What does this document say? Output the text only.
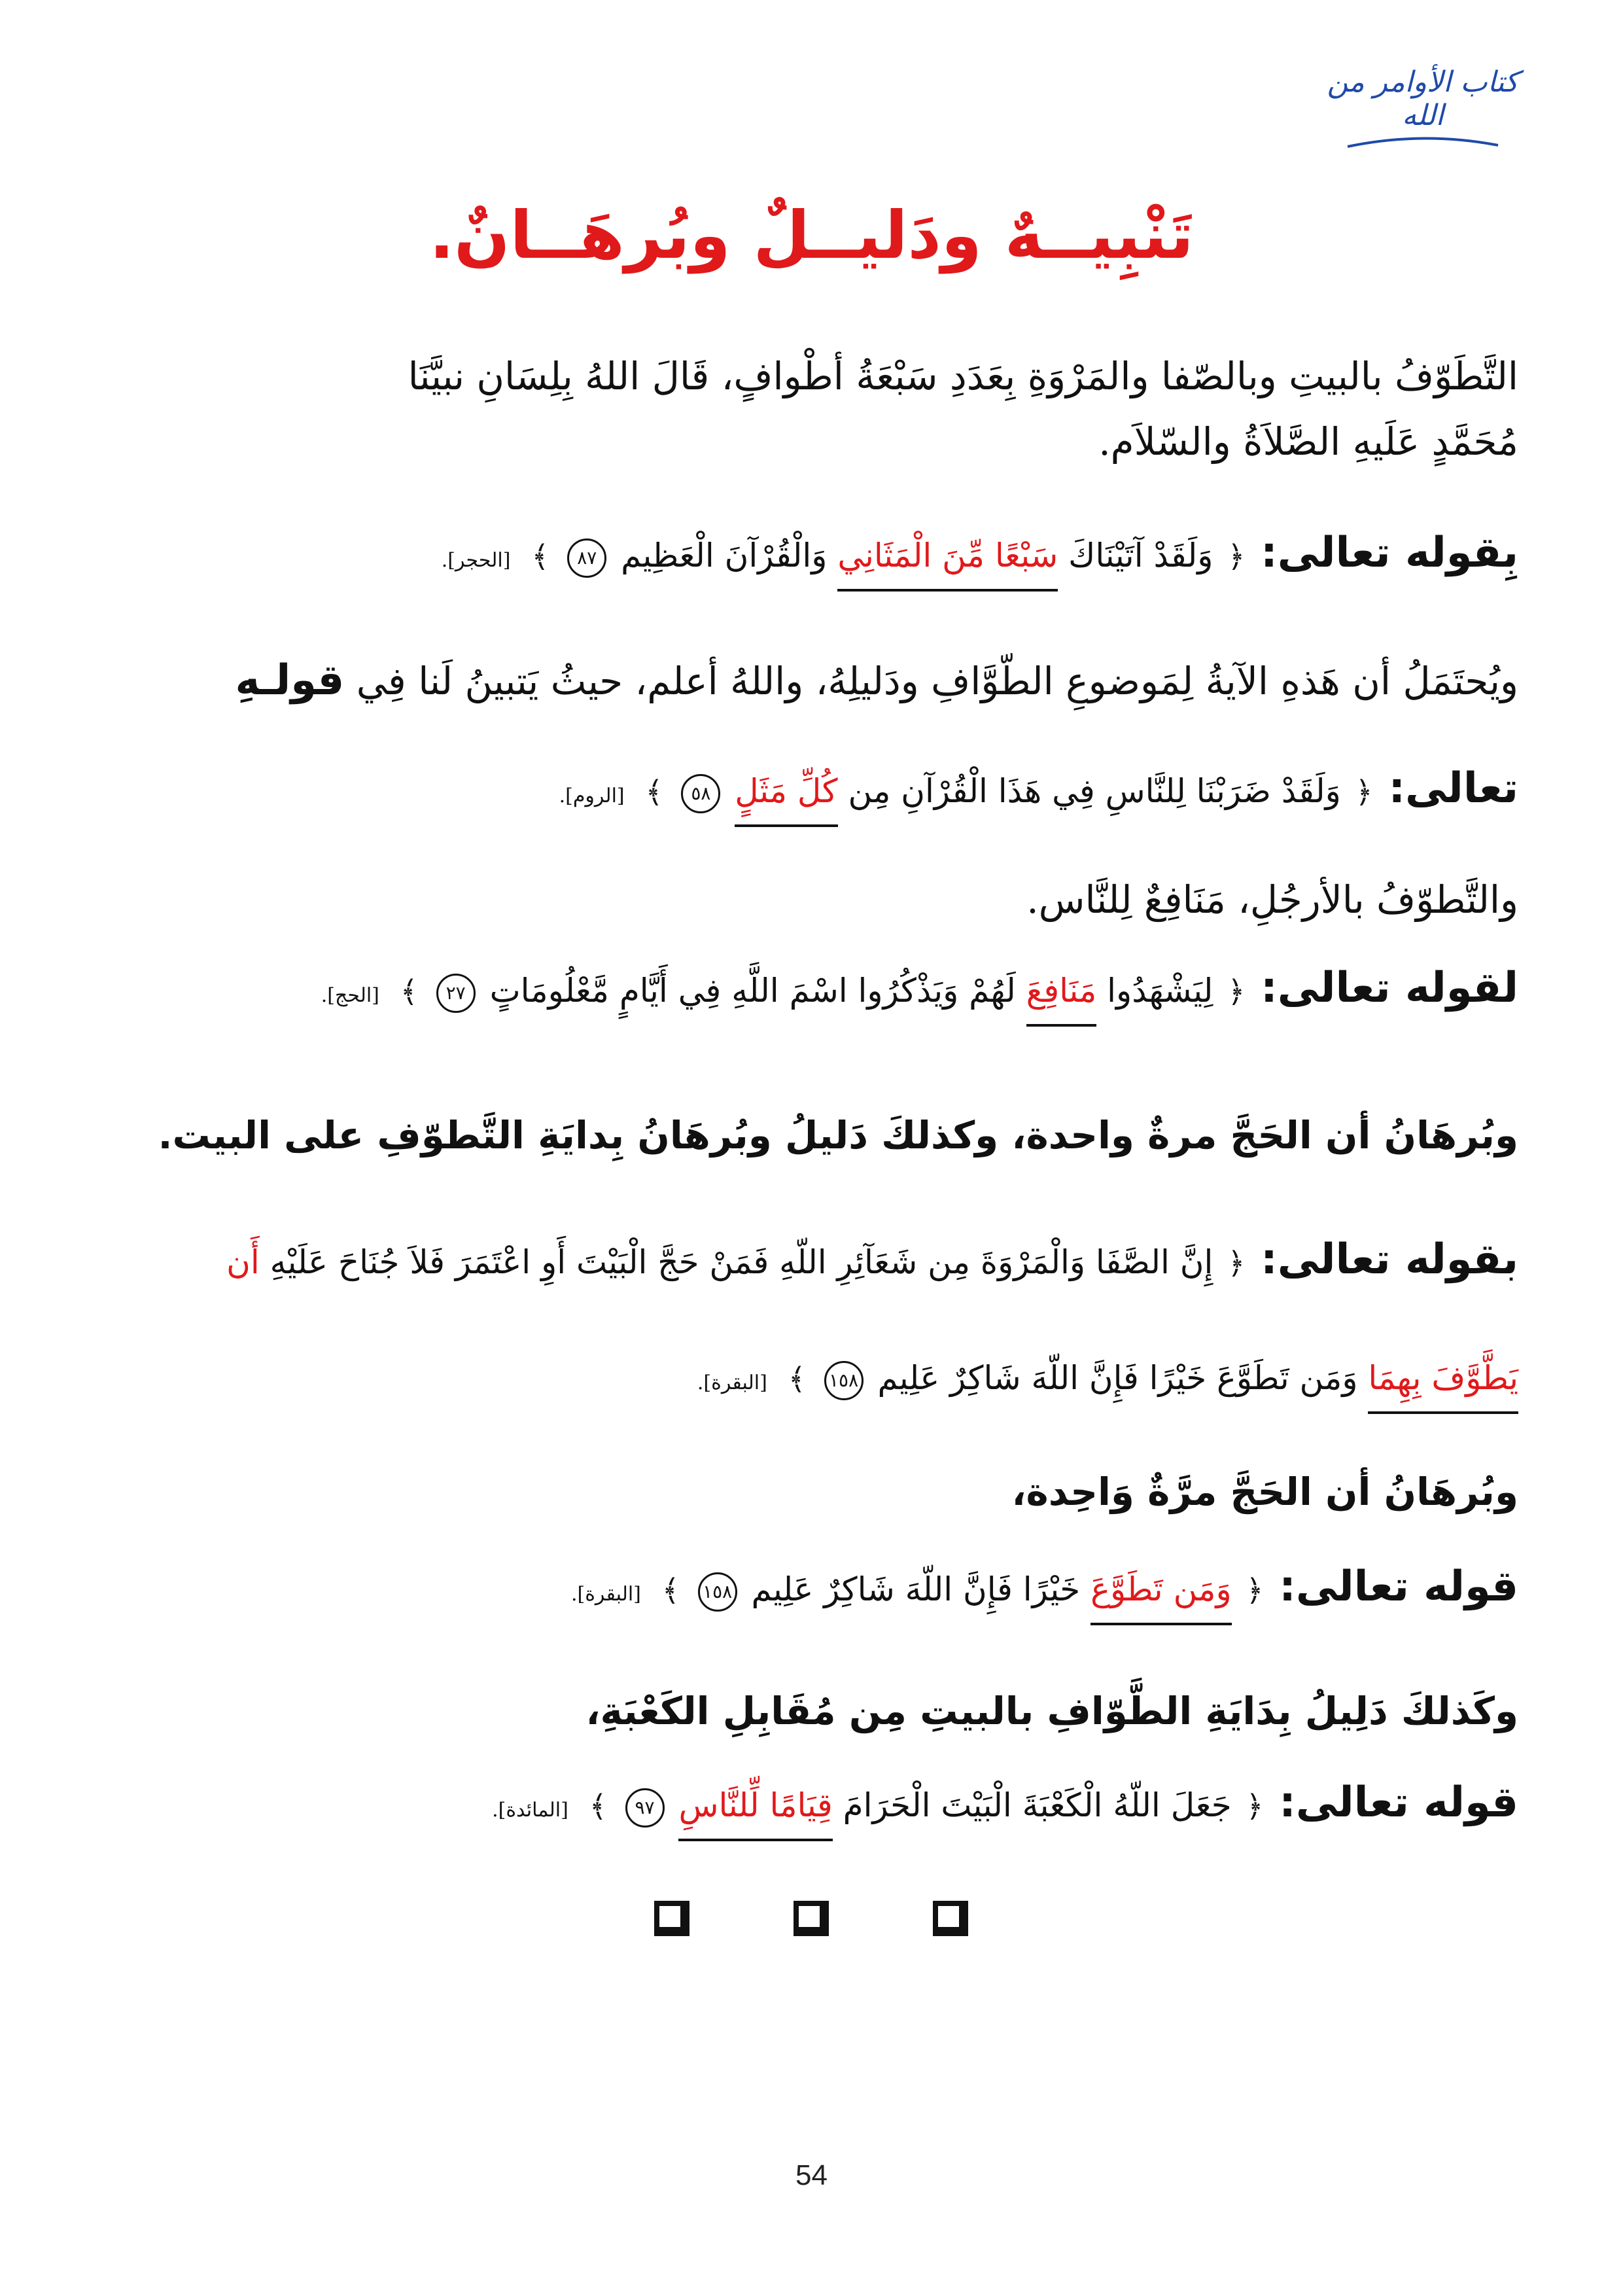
كتاب الأوامر من الله
تَنْبِيــهٌ ودَليــلٌ وبُرهَــانٌ.
التَّطَوّفُ بالبيتِ وبالصّفا والمَرْوَةِ بِعَدَدِ سَبْعَةُ أطْوافٍ، قَالَ اللهُ بِلِسَانِ نبيَّنَا
مُحَمَّدٍ عَلَيهِ الصَّلاَةُ والسّلاَم.
بِقوله تعالى: ﴿ وَلَقَدْ آتَيْنَاكَ سَبْعًا مِّنَ الْمَثَانِي وَالْقُرْآنَ الْعَظِيم ٨٧ ﴾ [الحجر].
ويُحتَمَلُ أن هَذهِ الآيةُ لِمَوضوعِ الطّوَّافِ ودَليلِهُ، واللهُ أعلم، حيثُ يَتبينُ لَنا فِي قولـهِ
تعالى: ﴿ وَلَقَدْ ضَرَبْنَا لِلنَّاسِ فِي هَذَا الْقُرْآنِ مِن كُلِّ مَثَلٍ ٥٨ ﴾ [الروم].
والتَّطوّفُ بالأرجُلِ، مَنَافِعٌ لِلنَّاس.
لقوله تعالى: ﴿ لِيَشْهَدُوا مَنَافِعَ لَهُمْ وَيَذْكُرُوا اسْمَ اللَّهِ فِي أَيَّامٍ مَّعْلُومَاتٍ ٢٧ ﴾ [الحج].
وبُرهَانُ أن الحَجَّ مرةٌ واحدة، وكذلكَ دَليلُ وبُرهَانُ بِدايَةِ التَّطوّفِ على البيت.
بقوله تعالى: ﴿ إِنَّ الصَّفَا وَالْمَرْوَةَ مِن شَعَآئِرِ اللّهِ فَمَنْ حَجَّ الْبَيْتَ أَوِ اعْتَمَرَ فَلاَ جُنَاحَ عَلَيْهِ أَن
يَطَّوَّفَ بِهِمَا وَمَن تَطَوَّعَ خَيْرًا فَإِنَّ اللّهَ شَاكِرٌ عَلِيم ١٥٨ ﴾ [البقرة].
وبُرهَانُ أن الحَجَّ مرَّةٌ وَاحِدة،
قوله تعالى: ﴿ وَمَن تَطَوَّعَ خَيْرًا فَإِنَّ اللّهَ شَاكِرٌ عَلِيم ١٥٨ ﴾ [البقرة].
وكَذلكَ دَلِيلُ بِدَايَةِ الطَّوّافِ بالبيتِ مِن مُقَابِلِ الكَعْبَةِ،
قوله تعالى: ﴿ جَعَلَ اللّهُ الْكَعْبَةَ الْبَيْتَ الْحَرَامَ قِيَامًا لِّلنَّاسِ ٩٧ ﴾ [المائدة].
54
